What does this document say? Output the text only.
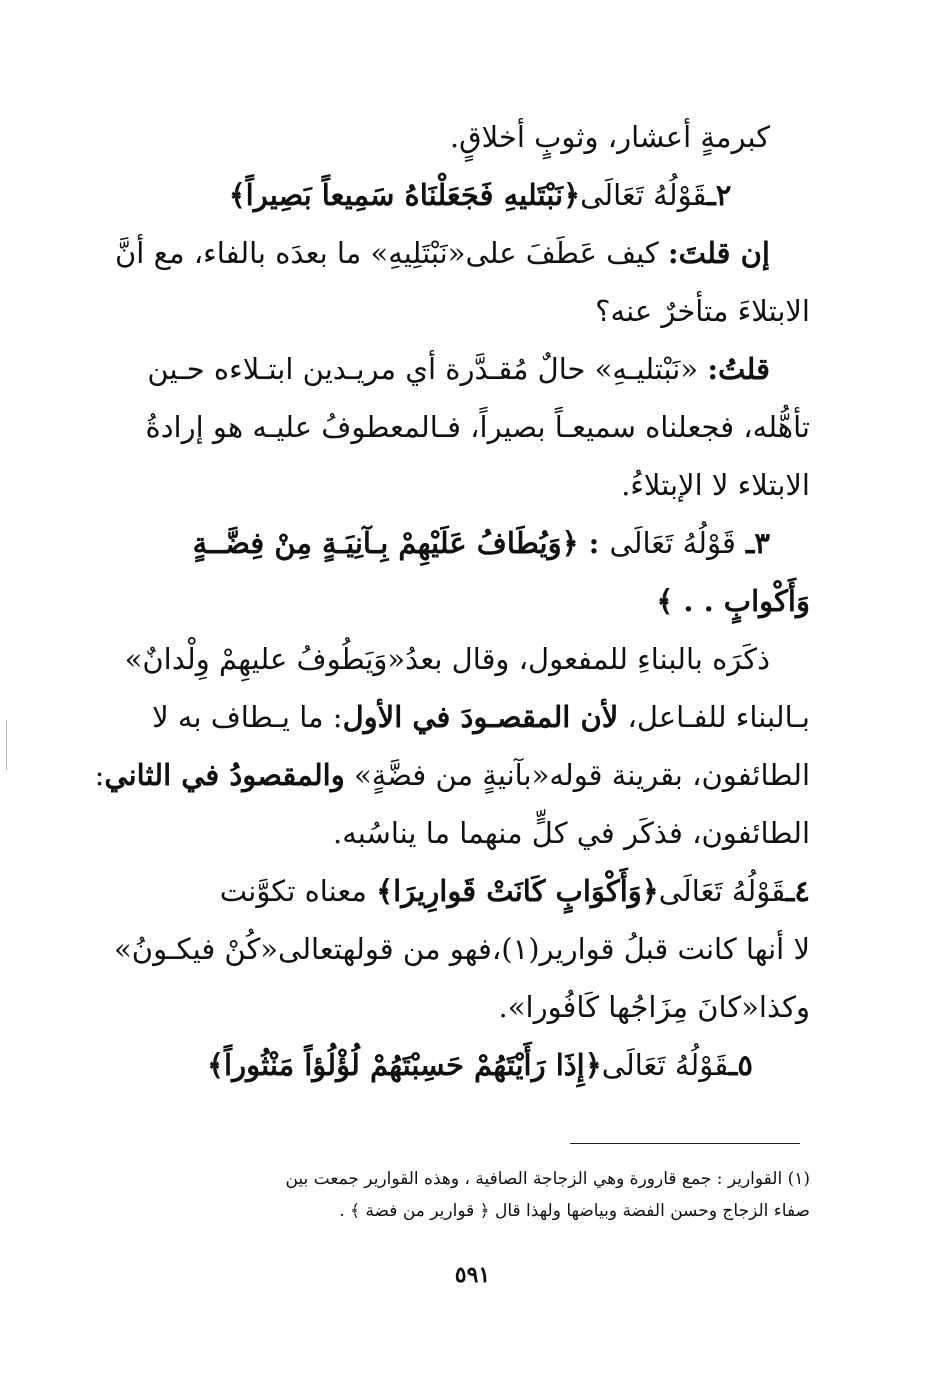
كبرمةٍ أعشار، وثوبٍ أخلاقٍ.
٢ـقَوْلُهُ تَعَالَى﴿نَبْتَليهِ فَجَعَلْنَاهُ سَمِيعاً بَصِيراً﴾
إن قلتَ: كيف عَطَفَ على«نَبْتَلِيهِ» ما بعدَه بالفاء، مع أنَّ
الابتلاءَ متأخرٌ عنه؟
قلتُ: «نَبْتليـهِ» حالٌ مُقـدَّرة أي مريـدين ابتـلاءه حـين
تأهُّله، فجعلناه سميعـاً بصيراً، فـالمعطوفُ عليـه هو إرادةُ
الابتلاء لا الإبتلاءُ.
٣ـ قَوْلُهُ تَعَالَى : ﴿وَيُطَافُ عَلَيْهِمْ بِـآنِيَـةٍ مِنْ فِضَّــةٍ
وَأَكْوابٍ . . ﴾
ذكَرَه بالبناءِ للمفعول، وقال بعدُ«وَيَطُوفُ عليهِمْ وِلْدانٌ»
بـالبناء للفـاعل، لأن المقصـودَ في الأول: ما يـطاف به لا
الطائفون، بقرينة قوله«بآنيةٍ من فضَّةٍ» والمقصودُ في الثاني:
الطائفون، فذكَر في كلٍّ منهما ما يناسُبه.
٤ـقَوْلُهُ تَعَالَى﴿وَأَكْوَابٍ كَانَتْ قَوارِيرَا﴾ معناه تكوَّنت
لا أنها كانت قبلُ قوارير(١)،فهو من قولهتعالى«كُنْ فيكـونُ»
وكذا«كانَ مِزَاجُها كَافُورا».
٥ـقَوْلُهُ تَعَالَى﴿إِذَا رَأَيْتَهُمْ حَسِبْتَهُمْ لُؤْلُؤاً مَنْثُوراً﴾
(١) القوارير : جمع قارورة وهي الزجاجة الصافية ، وهذه القوارير جمعت بين
صفاء الزجاج وحسن الفضة وبياضها ولهذا قال ﴿ قوارير من فضة ﴾ .
٥٩١
